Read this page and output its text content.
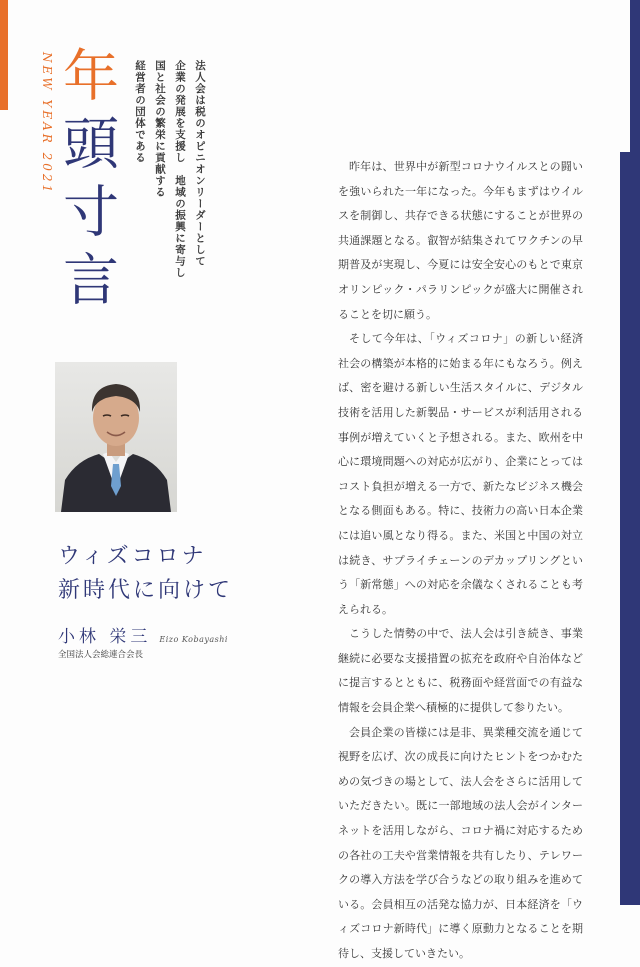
NEW YEAR 2021 年頭寸言	法人会は税のオピニオンリーダーとして
企業の発展を支援し　地域の振興に寄与し
国と社会の繁栄に貢献する
経営者の団体である
ウィズコロナ
新時代に向けて
小林 栄三 Eizo Kobayashi
全国法人会総連合会長

昨年は、世界中が新型コロナウイルスとの闘いを強いられた一年になった。今年もまずはウイルスを制御し、共存できる状態にすることが世界の共通課題となる。叡智が結集されてワクチンの早期普及が実現し、今夏には安全安心のもとで東京オリンピック・パラリンピックが盛大に開催されることを切に願う。

そして今年は、「ウィズコロナ」の新しい経済社会の構築が本格的に始まる年にもなろう。例えば、密を避ける新しい生活スタイルに、デジタル技術を活用した新製品・サービスが利活用される事例が増えていくと予想される。また、欧州を中心に環境問題への対応が広がり、企業にとってはコスト負担が増える一方で、新たなビジネス機会となる側面もある。特に、技術力の高い日本企業には追い風となり得る。また、米国と中国の対立は続き、サプライチェーンのデカップリングという「新常態」への対応を余儀なくされることも考えられる。

こうした情勢の中で、法人会は引き続き、事業継続に必要な支援措置の拡充を政府や自治体などに提言するとともに、税務面や経営面での有益な情報を会員企業へ積極的に提供して参りたい。

会員企業の皆様には是非、異業種交流を通じて視野を広げ、次の成長に向けたヒントをつかむための気づきの場として、法人会をさらに活用していただきたい。既に一部地域の法人会がインターネットを活用しながら、コロナ禍に対応するための各社の工夫や営業情報を共有したり、テレワークの導入方法を学び合うなどの取り組みを進めている。会員相互の活発な協力が、日本経済を「ウィズコロナ新時代」に導く原動力となることを期待し、支援していきたい。
